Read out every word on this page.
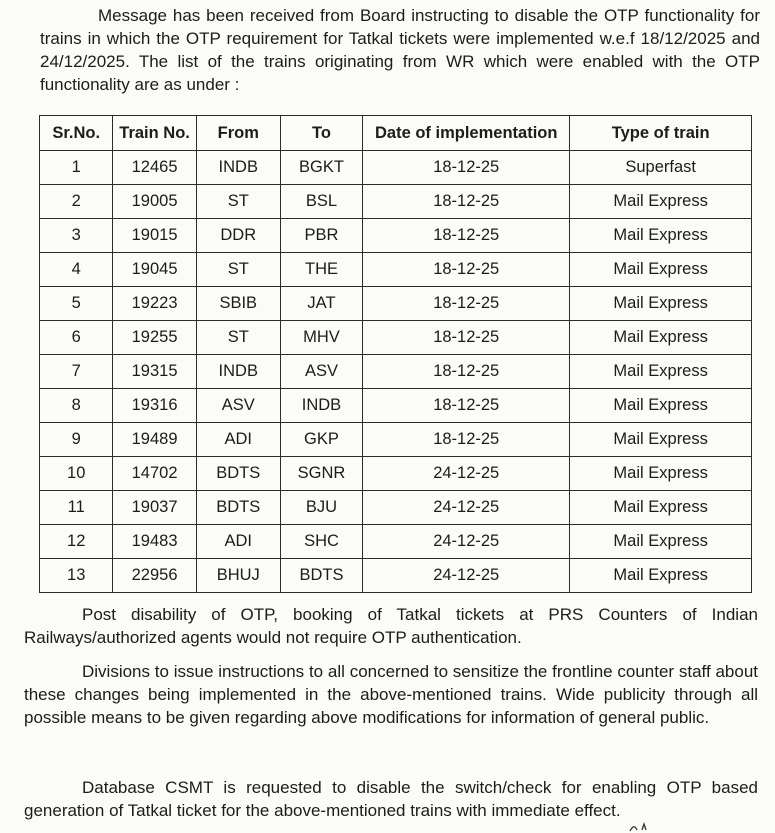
Message has been received from Board instructing to disable the OTP functionality for trains in which the OTP requirement for Tatkal tickets were implemented w.e.f 18/12/2025 and 24/12/2025. The list of the trains originating from WR which were enabled with the OTP functionality are as under :

Sr.No.	Train No.	From	To	Date of implementation	Type of train
1	12465	INDB	BGKT	18-12-25	Superfast
2	19005	ST	BSL	18-12-25	Mail Express
3	19015	DDR	PBR	18-12-25	Mail Express
4	19045	ST	THE	18-12-25	Mail Express
5	19223	SBIB	JAT	18-12-25	Mail Express
6	19255	ST	MHV	18-12-25	Mail Express
7	19315	INDB	ASV	18-12-25	Mail Express
8	19316	ASV	INDB	18-12-25	Mail Express
9	19489	ADI	GKP	18-12-25	Mail Express
10	14702	BDTS	SGNR	24-12-25	Mail Express
11	19037	BDTS	BJU	24-12-25	Mail Express
12	19483	ADI	SHC	24-12-25	Mail Express
13	22956	BHUJ	BDTS	24-12-25	Mail Express

Post disability of OTP, booking of Tatkal tickets at PRS Counters of Indian Railways/authorized agents would not require OTP authentication.

Divisions to issue instructions to all concerned to sensitize the frontline counter staff about these changes being implemented in the above-mentioned trains. Wide publicity through all possible means to be given regarding above modifications for information of general public.

Database CSMT is requested to disable the switch/check for enabling OTP based generation of Tatkal ticket for the above-mentioned trains with immediate effect.
